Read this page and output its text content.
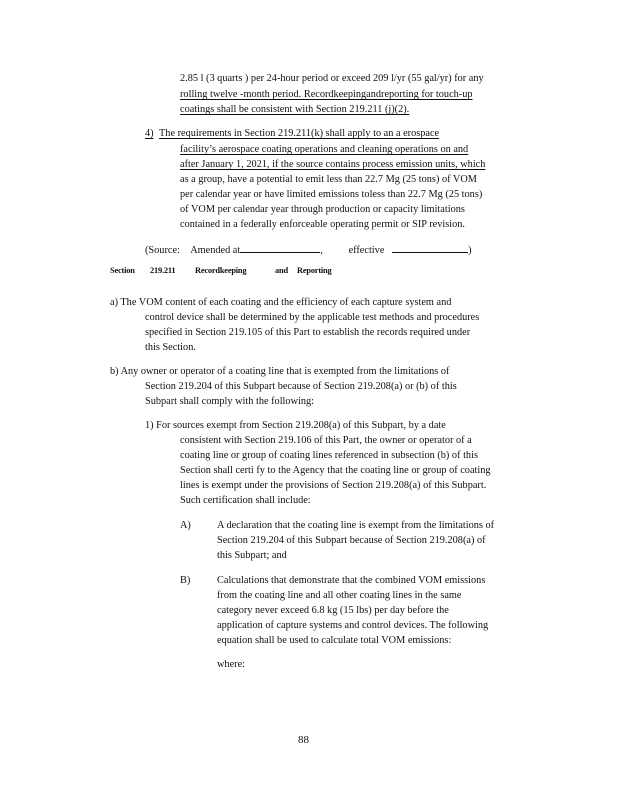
2.85 l (3 quarts ) per 24-hour period or exceed 209 l/yr (55 gal/yr) for any
rolling twelve -month period. Recordkeepingandreporting for touch-up
coatings shall be consistent with Section 219.211 (j)(2).
4) The requirements in Section 219.211(k) shall apply to an a erospace
facility’s aerospace coating operations and cleaning operations on and
after January 1, 2021, if the source contains process emission units, which
as a group, have a potential to emit less than 22.7 Mg (25 tons) of VOM
per calendar year or have limited emissions toless than 22.7 Mg (25 tons)
of VOM per calendar year through production or capacity limitations
contained in a federally enforceable operating permit or SIP revision.
(Source: Amended at	,	effective	)
Section 219.211 Recordkeeping	and Reporting
a) The VOM content of each coating and the efficiency of each capture system and
control device shall be determined by the applicable test methods and procedures
specified in Section 219.105 of this Part to establish the records required under
this Section.
b) Any owner or operator of a coating line that is exempted from the limitations of
Section 219.204 of this Subpart because of Section 219.208(a) or (b) of this
Subpart shall comply with the following:
1) For sources exempt from Section 219.208(a) of this Subpart, by a date
consistent with Section 219.106 of this Part, the owner or operator of a
coating line or group of coating lines referenced in subsection (b) of this
Section shall certi fy to the Agency that the coating line or group of coating
lines is exempt under the provisions of Section 219.208(a) of this Subpart.
Such certification shall include:
A)	A declaration that the coating line is exempt from the limitations of
Section 219.204 of this Subpart because of Section 219.208(a) of
this Subpart; and
B)	Calculations that demonstrate that the combined VOM emissions
from the coating line and all other coating lines in the same
category never exceed 6.8 kg (15 lbs) per day before the
application of capture systems and control devices. The following
equation shall be used to calculate total VOM emissions:
where:
88
